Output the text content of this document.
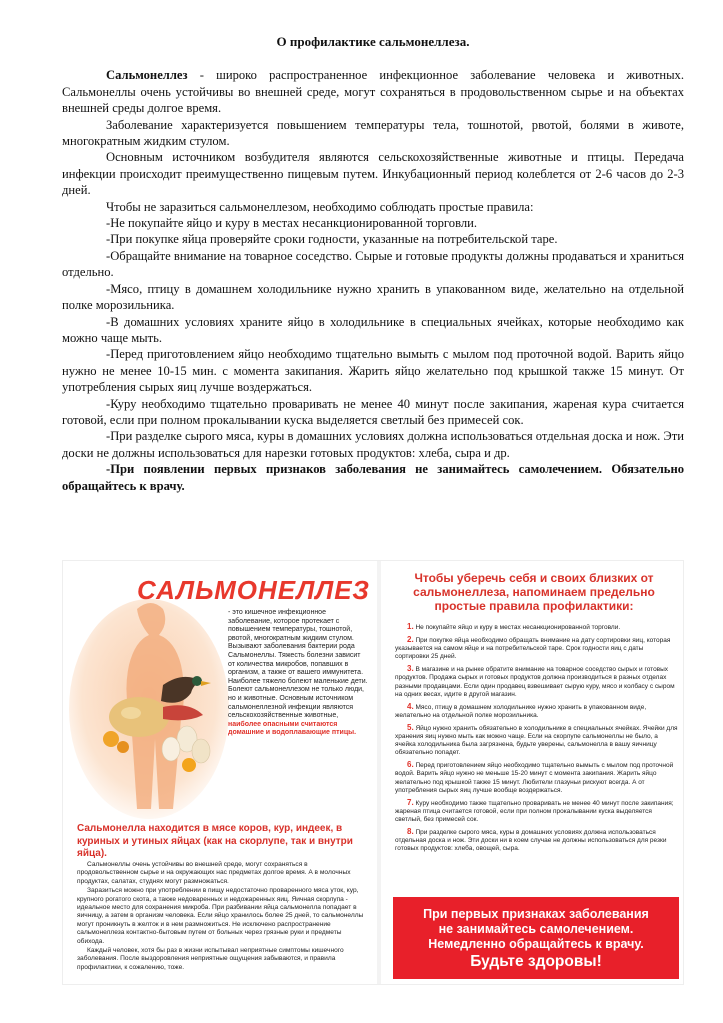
О профилактике сальмонеллеза.

Сальмонеллез - широко распространенное инфекционное заболевание человека и животных. Сальмонеллы очень устойчивы во внешней среде, могут сохраняться в продовольственном сырье и на объектах внешней среды долгое время.

Заболевание характеризуется повышением температуры тела, тошнотой, рвотой, болями в животе, многократным жидким стулом.

Основным источником возбудителя являются сельскохозяйственные животные и птицы. Передача инфекции происходит преимущественно пищевым путем. Инкубационный период колеблется от 2-6 часов до 2-3 дней.

Чтобы не заразиться сальмонеллезом, необходимо соблюдать простые правила:

-Не покупайте яйцо и куру в местах несанкционированной торговли.

-При покупке яйца проверяйте сроки годности, указанные на потребительской таре.

-Обращайте внимание на товарное соседство. Сырые и готовые продукты должны продаваться и храниться отдельно.

-Мясо, птицу в домашнем холодильнике нужно хранить в упакованном виде, желательно на отдельной полке морозильника.

-В домашних условиях храните яйцо в холодильнике в специальных ячейках, которые необходимо как можно чаще мыть.

-Перед приготовлением яйцо необходимо тщательно вымыть с мылом под проточной водой. Варить яйцо нужно не менее 10-15 мин. с момента закипания. Жарить яйцо желательно под крышкой также 15 минут. От употребления сырых яиц лучше воздержаться.

-Куру необходимо тщательно проваривать не менее 40 минут после закипания, жареная кура считается готовой, если при полном прокалывании куска выделяется светлый без примесей сок.

-При разделке сырого мяса, куры в домашних условиях должна использоваться отдельная доска и нож. Эти доски не должны использоваться для нарезки готовых продуктов: хлеба, сыра и др.

-При появлении первых признаков заболевания не занимайтесь самолечением. Обязательно обращайтесь к врачу.

САЛЬМОНЕЛЛЕЗ
- это кишечное инфекционное заболевание, которое протекает с повышением температуры, тошнотой, рвотой, многократным жидким стулом. Вызывают заболевания бактерии рода Сальмонеллы. Тяжесть болезни зависит от количества микробов, попавших в организм, а также от вашего иммунитета. Наиболее тяжело болеют маленькие дети. Болеют сальмонеллезом не только люди, но и животные. Основным источником сальмонеллезной инфекции являются сельскохозяйственные животные, наиболее опасными считаются домашние и водоплавающие птицы.
Сальмонелла находится в мясе коров, кур, индеек, в куриных и утиных яйцах (как на скорлупе, так и внутри яйца).

Сальмонеллы очень устойчивы во внешней среде, могут сохраняться в продовольственном сырье и на окружающих нас предметах долгое время. А в молочных продуктах, салатах, студнях могут размножаться.

Заразиться можно при употреблении в пищу недостаточно проваренного мяса уток, кур, крупного рогатого скота, а также недоваренных и недожаренных яиц. Яичная скорлупа - идеальное место для сохранения микроба. При разбивании яйца сальмонелла попадает в яичницу, а затем в организм человека. Если яйцо хранилось более 25 дней, то сальмонеллы могут проникнуть в желток и в нем размножиться. Не исключено распространение сальмонеллеза контактно-бытовым путем от больных через грязные руки и предметы обихода.

Каждый человек, хотя бы раз в жизни испытывал неприятные симптомы кишечного заболевания. После выздоровления неприятные ощущения забываются, и правила профилактики, к сожалению, тоже.

Чтобы уберечь себя и своих близких от сальмонеллеза, напоминаем предельно простые правила профилактики:
1. Не покупайте яйцо и куру в местах несанкционированной торговли.
2. При покупке яйца необходимо обращать внимание на дату сортировки яиц, которая указывается на самом яйце и на потребительской таре. Срок годности яиц с даты сортировки 25 дней.
3. В магазине и на рынке обратите внимание на товарное соседство сырых и готовых продуктов. Продажа сырых и готовых продуктов должна производиться в разных отделах разными продавцами. Если один продавец взвешивает сырую куру, мясо и колбасу с сыром на одних весах, идите в другой магазин.
4. Мясо, птицу в домашнем холодильнике нужно хранить в упакованном виде, желательно на отдельной полке морозильника.
5. Яйцо нужно хранить обязательно в холодильнике в специальных ячейках. Ячейки для хранения яиц нужно мыть как можно чаще. Если на скорлупе сальмонеллы не было, а ячейка холодильника была загрязнена, будьте уверены, сальмонелла в вашу яичницу обязательно попадет.
6. Перед приготовлением яйцо необходимо тщательно вымыть с мылом под проточной водой. Варить яйцо нужно не меньше 15-20 минут с момента закипания. Жарить яйцо желательно под крышкой также 15 минут. Любители глазуньи рискуют всегда. А от употребления сырых яиц лучше вообще воздержаться.
7. Куру необходимо также тщательно проваривать не менее 40 минут после закипания; жареная птица считается готовой, если при полном прокалывании куска выделяется светлый, без примесей сок.
8. При разделке сырого мяса, куры в домашних условиях должна использоваться отдельная доска и нож. Эти доски ни в коем случае не должны использоваться для резки готовых продуктов: хлеба, овощей, сыра.
При первых признаках заболевания
не занимайтесь самолечением.
Немедленно обращайтесь к врачу.
Будьте здоровы!
